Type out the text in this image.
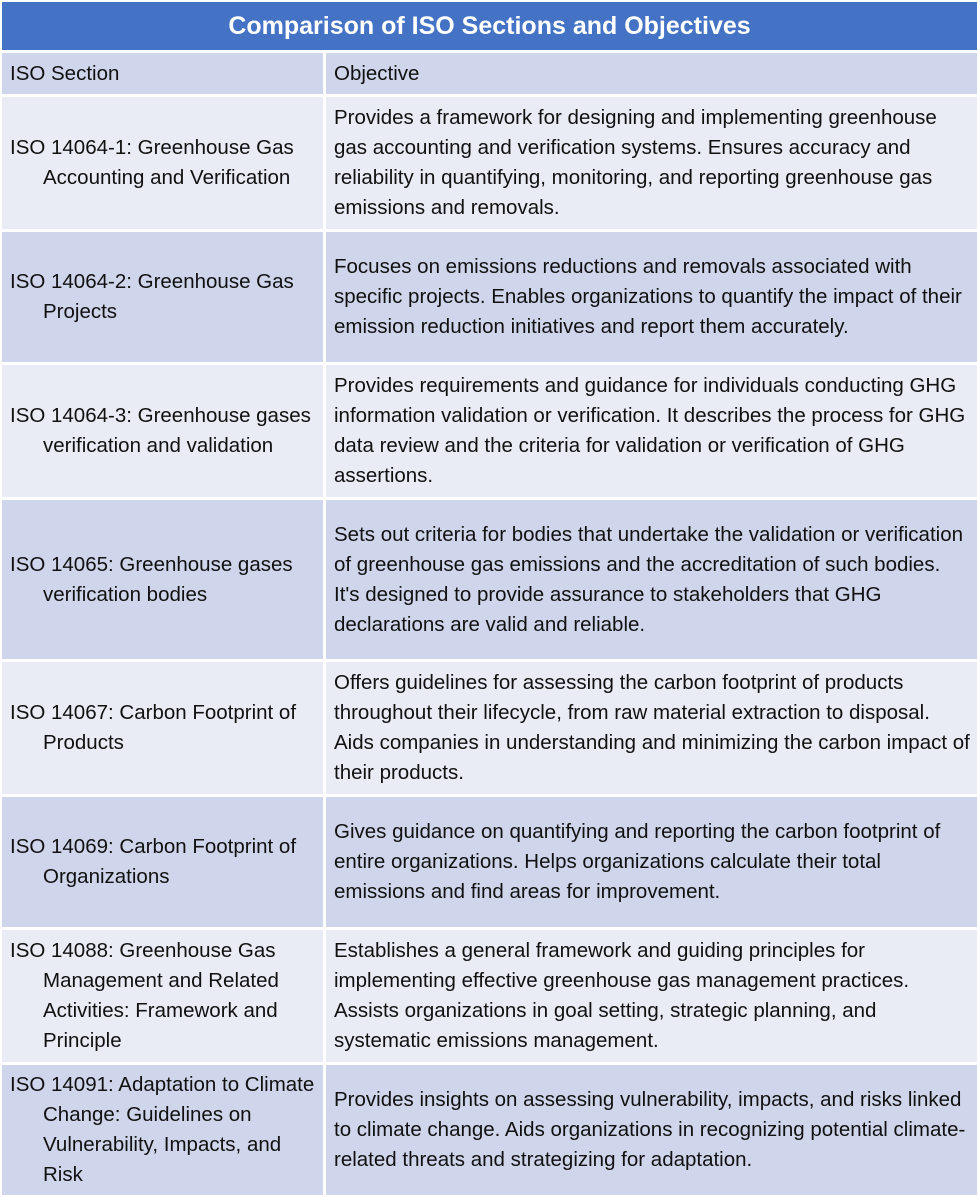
Comparison of ISO Sections and Objectives	
ISO Section	Objective

ISO 14064-1: Greenhouse Gas Accounting and Verification	Provides a framework for designing and implementing greenhouse gas accounting and verification systems. Ensures accuracy and reliability in quantifying, monitoring, and reporting greenhouse gas emissions and removals.

ISO 14064-2: Greenhouse Gas Projects	Focuses on emissions reductions and removals associated with specific projects. Enables organizations to quantify the impact of their emission reduction initiatives and report them accurately.

ISO 14064-3: Greenhouse gases verification and validation	Provides requirements and guidance for individuals conducting GHG information validation or verification. It describes the process for GHG data review and the criteria for validation or verification of GHG assertions.

ISO 14065: Greenhouse gases verification bodies	Sets out criteria for bodies that undertake the validation or verification of greenhouse gas emissions and the accreditation of such bodies. It's designed to provide assurance to stakeholders that GHG declarations are valid and reliable.

ISO 14067: Carbon Footprint of Products	Offers guidelines for assessing the carbon footprint of products throughout their lifecycle, from raw material extraction to disposal. Aids companies in understanding and minimizing the carbon impact of their products.

ISO 14069: Carbon Footprint of Organizations	Gives guidance on quantifying and reporting the carbon footprint of entire organizations. Helps organizations calculate their total emissions and find areas for improvement.

ISO 14088: Greenhouse Gas Management and Related Activities: Framework and Principle	Establishes a general framework and guiding principles for implementing effective greenhouse gas management practices. Assists organizations in goal setting, strategic planning, and systematic emissions management.

ISO 14091: Adaptation to Climate Change: Guidelines on Vulnerability, Impacts, and Risk	Provides insights on assessing vulnerability, impacts, and risks linked to climate change. Aids organizations in recognizing potential climate-related threats and strategizing for adaptation.
